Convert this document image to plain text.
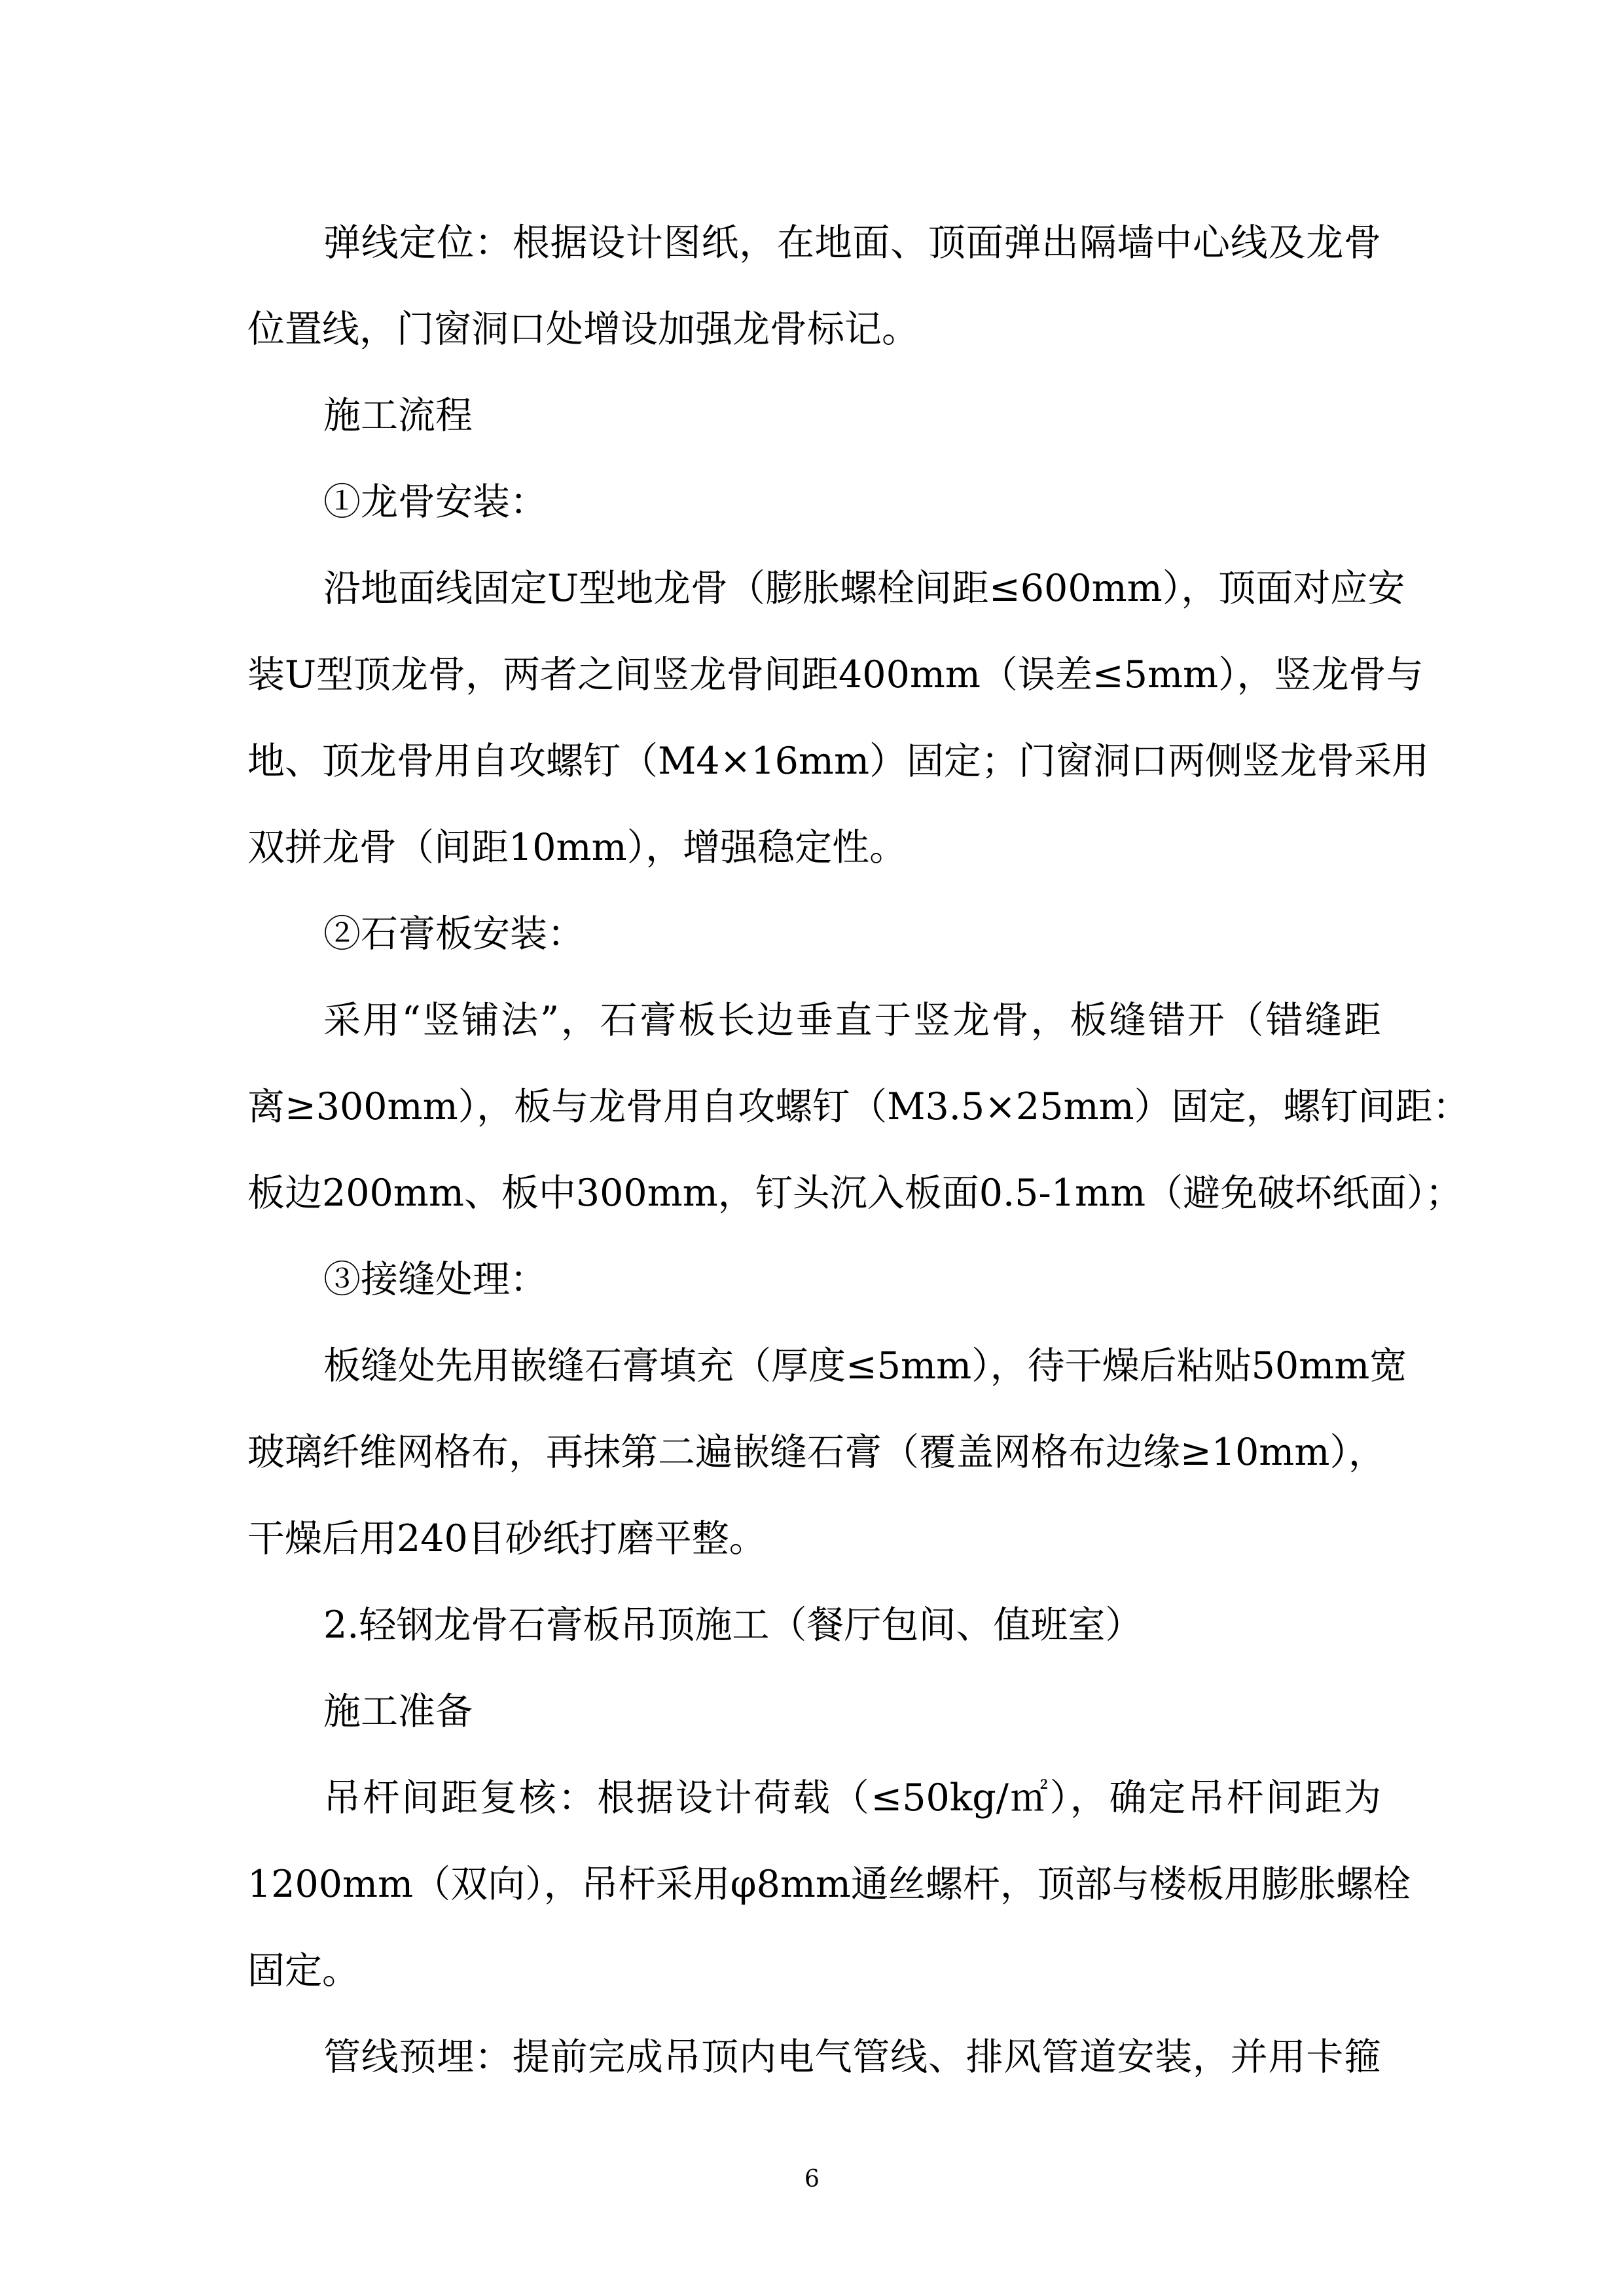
弹线定位：根据设计图纸，在地面、顶面弹出隔墙中心线及龙骨
位置线，门窗洞口处增设加强龙骨标记。
施工流程
①龙骨安装：
沿地面线固定U型地龙骨（膨胀螺栓间距≤600mm），顶面对应安
装U型顶龙骨，两者之间竖龙骨间距400mm（误差≤5mm），竖龙骨与
地、顶龙骨用自攻螺钉（M4×16mm）固定；门窗洞口两侧竖龙骨采用
双拼龙骨（间距10mm），增强稳定性。
②石膏板安装：
采用“竖铺法”，石膏板长边垂直于竖龙骨，板缝错开（错缝距
离≥300mm），板与龙骨用自攻螺钉（M3.5×25mm）固定，螺钉间距：
板边200mm、板中300mm，钉头沉入板面0.5-1mm（避免破坏纸面）；
③接缝处理：
板缝处先用嵌缝石膏填充（厚度≤5mm），待干燥后粘贴50mm宽
玻璃纤维网格布，再抹第二遍嵌缝石膏（覆盖网格布边缘≥10mm），
干燥后用240目砂纸打磨平整。
2.轻钢龙骨石膏板吊顶施工（餐厅包间、值班室）
施工准备
吊杆间距复核：根据设计荷载（≤50kg/㎡），确定吊杆间距为
1200mm（双向），吊杆采用φ8mm通丝螺杆，顶部与楼板用膨胀螺栓
固定。
管线预埋：提前完成吊顶内电气管线、排风管道安装，并用卡箍
6
